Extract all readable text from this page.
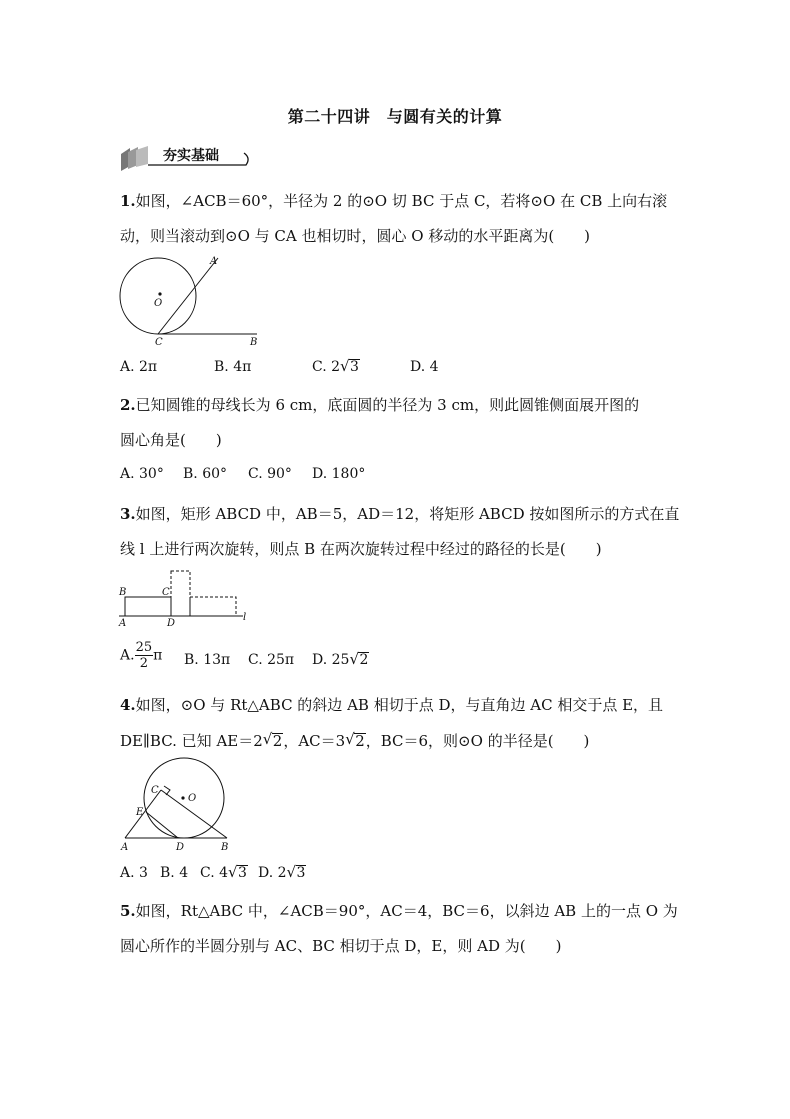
第二十四讲　与圆有关的计算
夯实基础
1.如图，∠ACB＝60°，半径为 2 的⊙O 切 BC 于点 C，若将⊙O 在 CB 上向右滚
动，则当滚动到⊙O 与 CA 也相切时，圆心 O 移动的水平距离为(　　)
O
A
C	B
A. 2π	B. 4π	C. 2 √ 3	D. 4
2.已知圆锥的母线长为 6 cm，底面圆的半径为 3 cm，则此圆锥侧面展开图的
圆心角是(　　)
A. 30° B. 60° C. 90° D. 180°
3.如图，矩形 ABCD 中，AB＝5，AD＝12，将矩形 ABCD 按如图所示的方式在直
线 l 上进行两次旋转，则点 B 在两次旋转过程中经过的路径的长是(　　)
B	C
A	D
l
A. $\frac{25}{2}$ π B. 13π C. 25π D. 25 √ 2
4.如图，⊙O 与 Rt△ABC 的斜边 AB 相切于点 D，与直角边 AC 相交于点 E，且
DE∥BC. 已知 AE＝2 √ 2，AC＝3 √ 2，BC＝6，则⊙O 的半径是(　　)
C
O
E
A	D	B
A. 3 B. 4 C. 4 √ 3 D. 2 √ 3
5.如图，Rt△ABC 中，∠ACB＝90°，AC＝4，BC＝6，以斜边 AB 上的一点 O 为
圆心所作的半圆分别与 AC、BC 相切于点 D，E，则 AD 为(　　)
